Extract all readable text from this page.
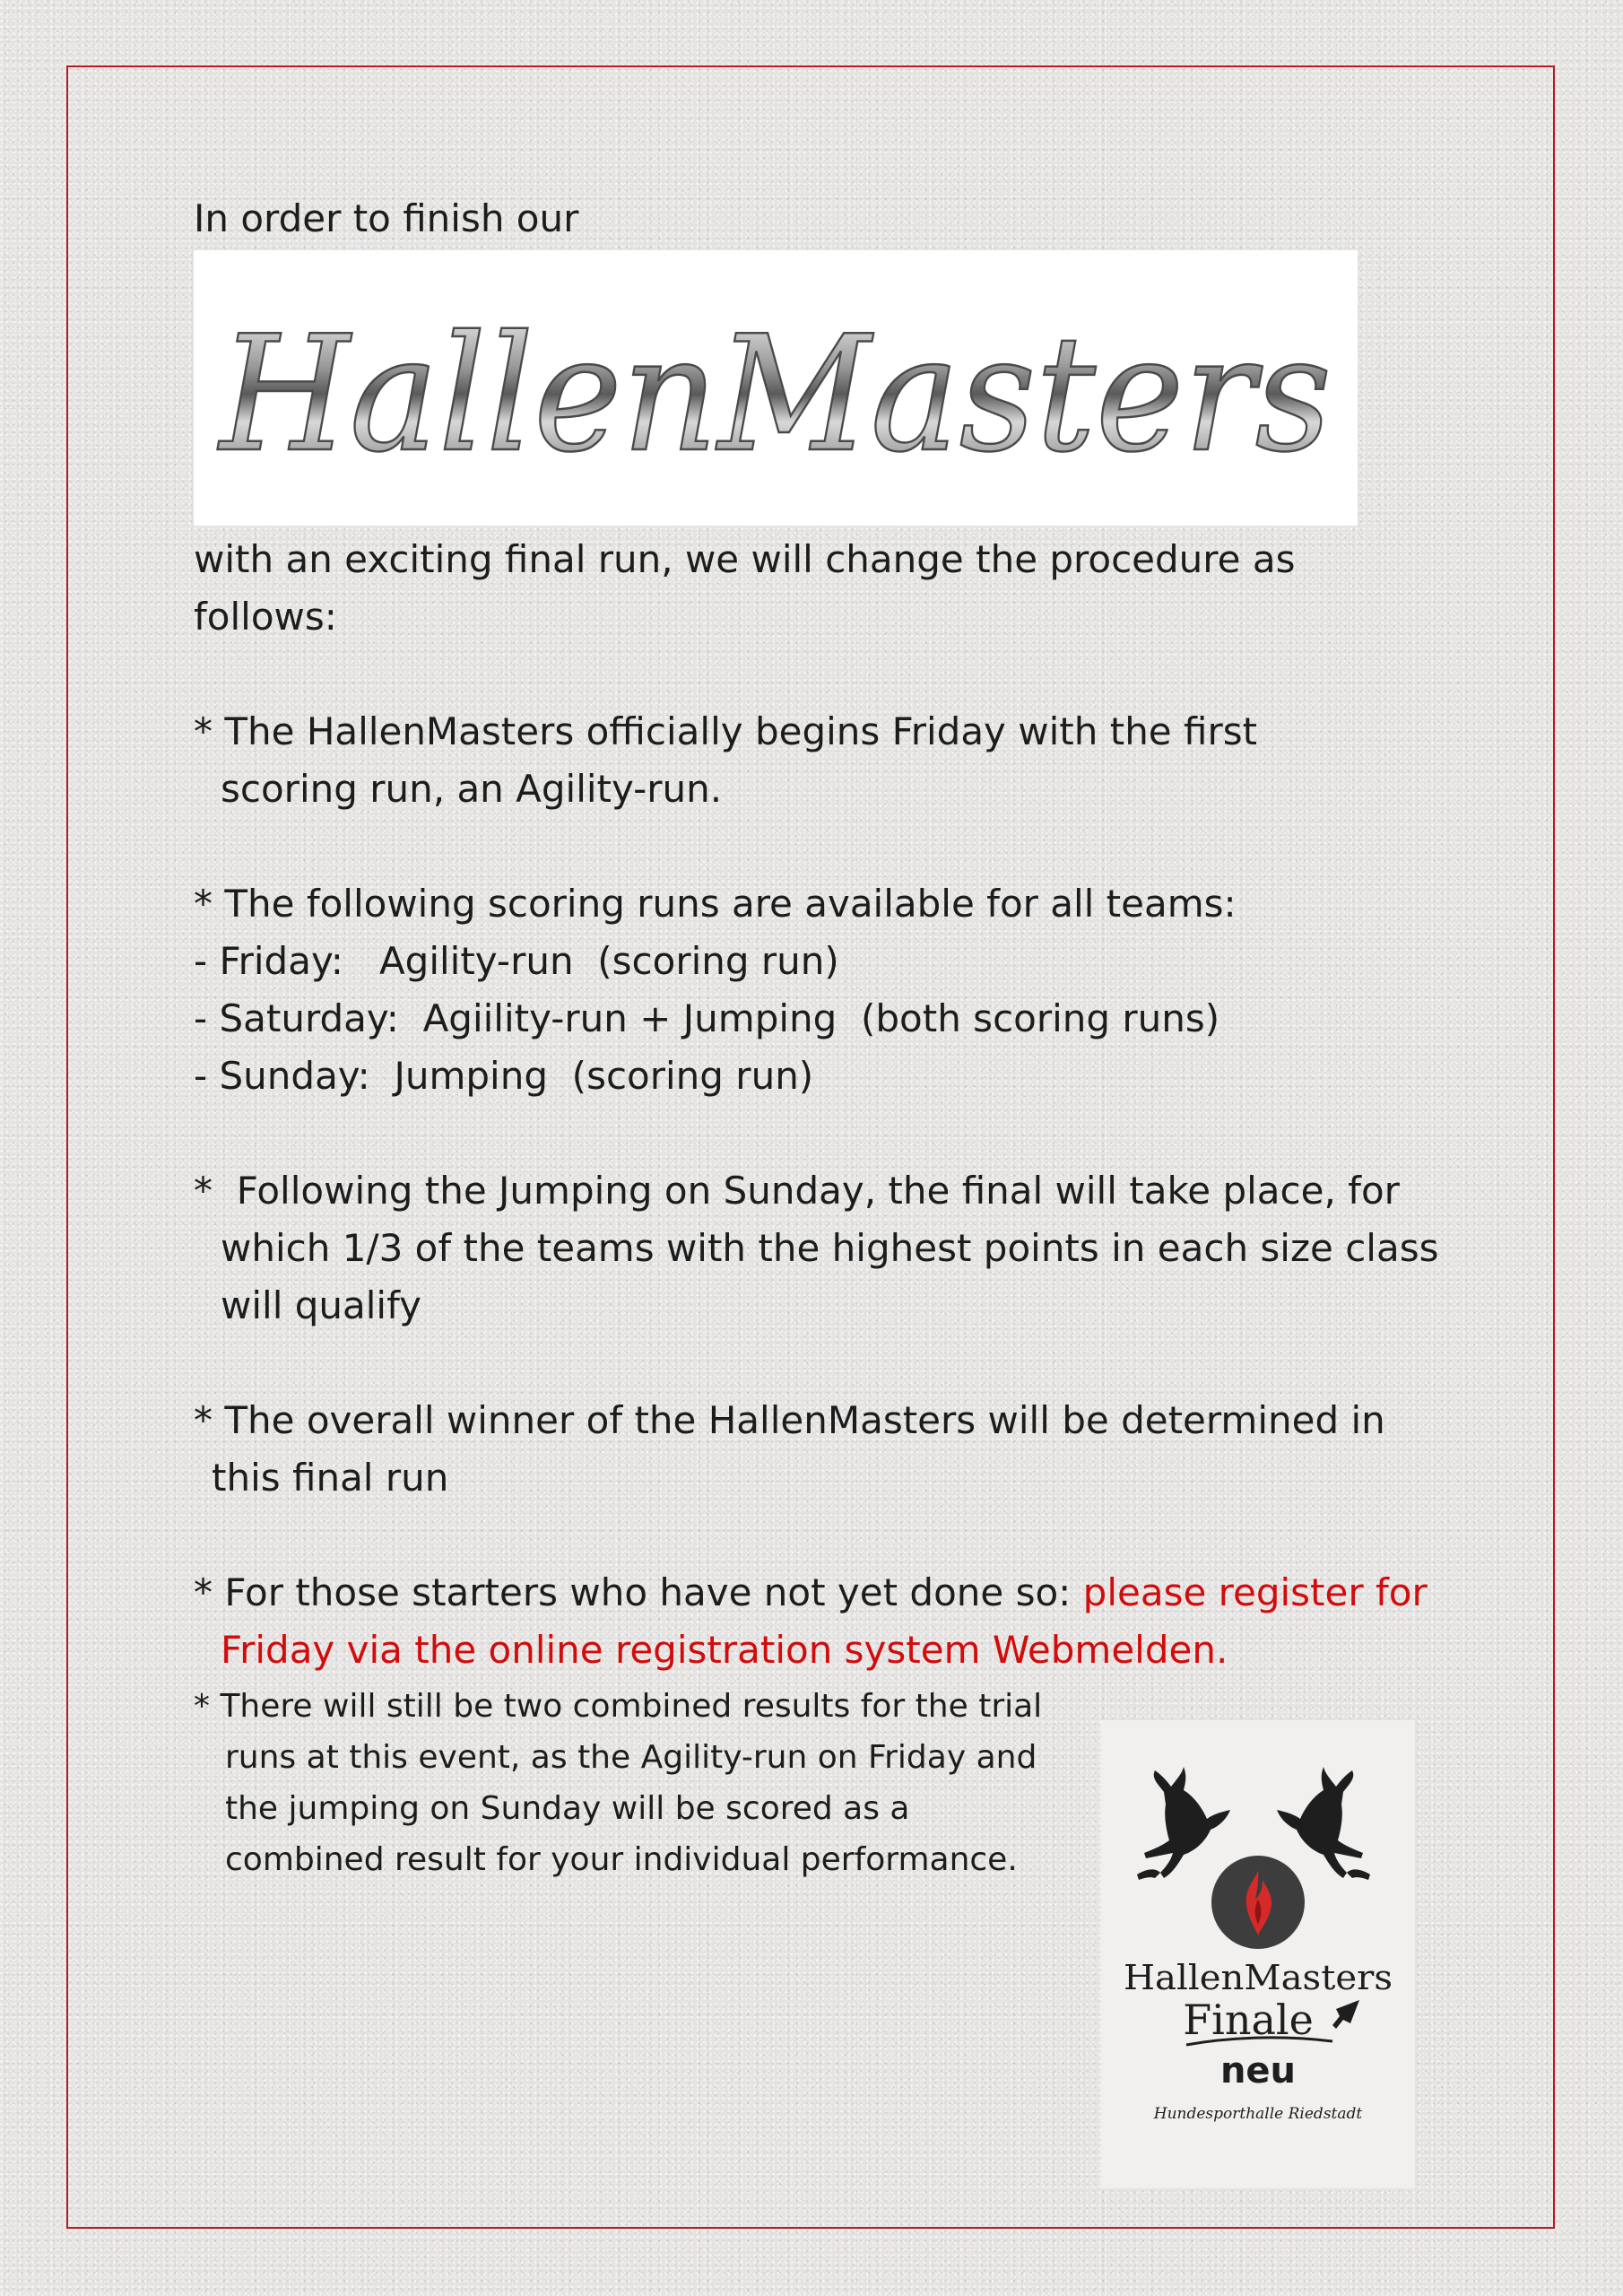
In order to finish our

HallenMasters

with an exciting final run, we will change the procedure as follows:

* The HallenMasters officially begins Friday with the first

scoring run, an Agility-run.

* The following scoring runs are available for all teams:

- Friday:   Agility-run  (scoring run)

- Saturday:  Agiility-run + Jumping  (both scoring runs)

- Sunday:  Jumping  (scoring run)

*  Following the Jumping on Sunday, the final will take place, for

which 1/3 of the teams with the highest points in each size class

will qualify

* The overall winner of the HallenMasters will be determined in

this final run

* For those starters who have not yet done so: please register for

Friday via the online registration system Webmelden.

* There will still be two combined results for the trial

runs at this event, as the Agility-run on Friday and

the jumping on Sunday will be scored as a

combined result for your individual performance.

HallenMasters
Finale
neu
Hundesporthalle Riedstadt
